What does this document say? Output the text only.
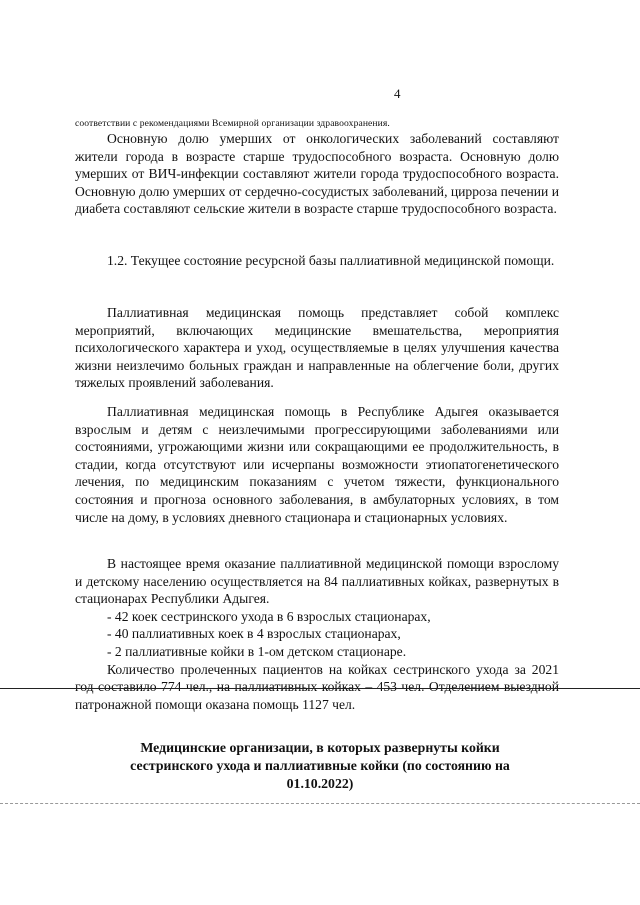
4
соответствии с рекомендациями Всемирной организации здравоохранения.

Основную долю умерших от онкологических заболеваний составляют жители города в возрасте старше трудоспособного возраста. Основную долю умерших от ВИЧ-инфекции составляют жители города трудоспособного возраста. Основную долю умерших от сердечно-сосудистых заболеваний, цирроза печении и диабета составляют сельские жители в возрасте старше трудоспособного возраста.

1.2. Текущее состояние ресурсной базы паллиативной медицинской помощи.

Паллиативная медицинская помощь представляет собой комплекс мероприятий, включающих медицинские вмешательства, мероприятия психологического характера и уход, осуществляемые в целях улучшения качества жизни неизлечимо больных граждан и направленные на облегчение боли, других тяжелых проявлений заболевания.

Паллиативная медицинская помощь в Республике Адыгея оказывается взрослым и детям с неизлечимыми прогрессирующими заболеваниями или состояниями, угрожающими жизни или сокращающими ее продолжительность, в стадии, когда отсутствуют или исчерпаны возможности этиопатогенетического лечения, по медицинским показаниям с учетом тяжести, функционального состояния и прогноза основного заболевания, в амбулаторных условиях, в том числе на дому, в условиях дневного стационара и стационарных условиях.

В настоящее время оказание паллиативной медицинской помощи взрослому и детскому населению осуществляется на 84 паллиативных койках, развернутых в стационарах Республики Адыгея.

- 42 коек сестринского ухода в 6 взрослых стационарах,

- 40 паллиативных коек в 4 взрослых стационарах,

- 2 паллиативные койки в 1-ом детском стационаре.

Количество пролеченных пациентов на койках сестринского ухода за 2021 год составило 774 чел., на паллиативных койках – 453 чел. Отделением выездной патронажной помощи оказана помощь 1127 чел.

Медицинские организации, в которых развернуты койки сестринского ухода и паллиативные койки (по состоянию на 01.10.2022)
